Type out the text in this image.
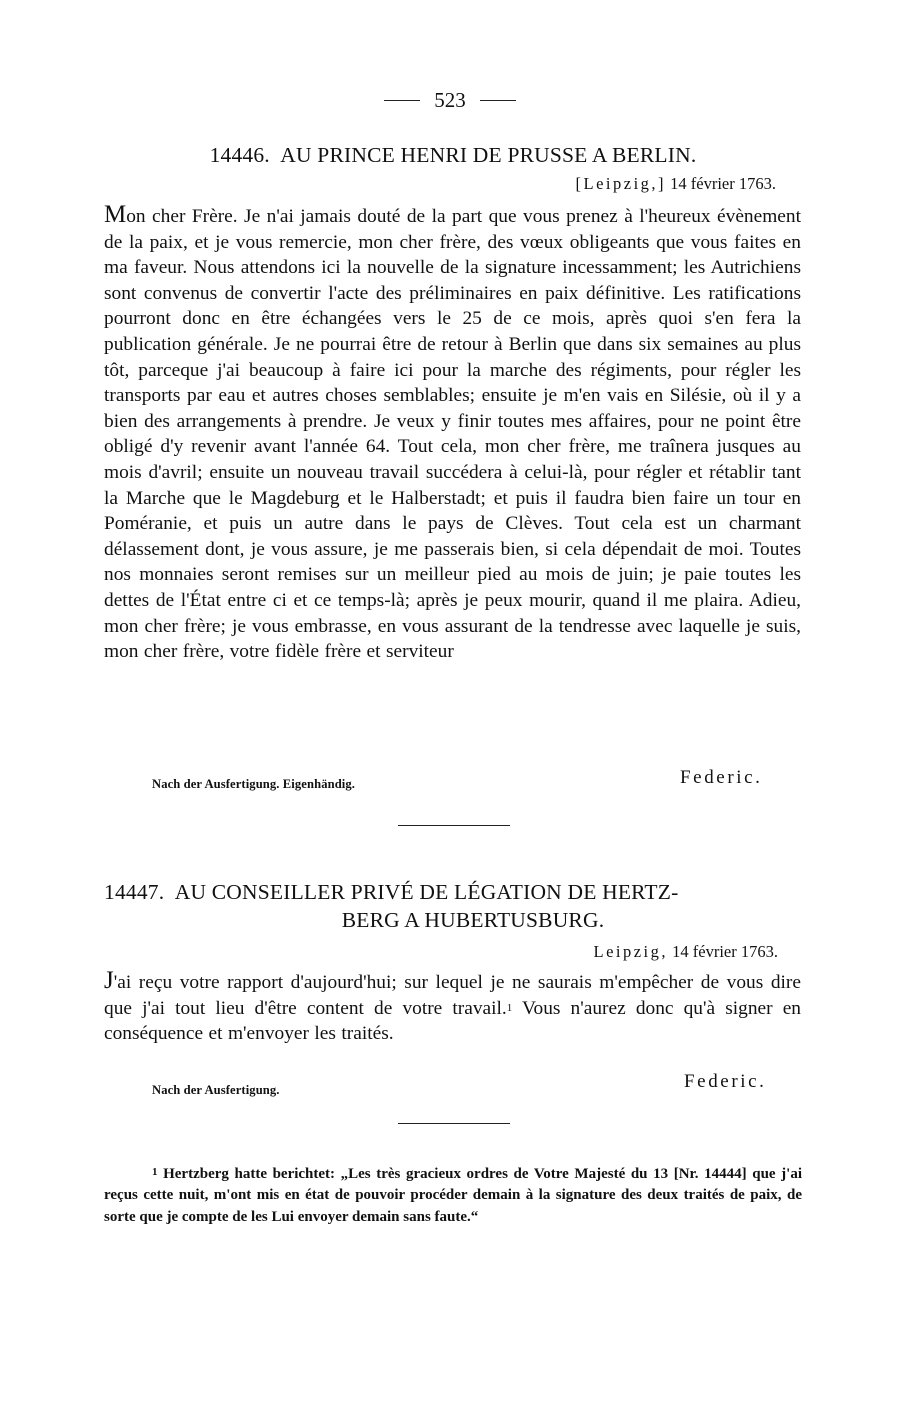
523
14446. AU PRINCE HENRI DE PRUSSE A BERLIN.
[Leipzig,] 14 février 1763.
Mon cher Frère. Je n'ai jamais douté de la part que vous prenez à l'heureux évènement de la paix, et je vous remercie, mon cher frère, des vœux obligeants que vous faites en ma faveur. Nous attendons ici la nouvelle de la signature incessamment; les Autrichiens sont convenus de convertir l'acte des préliminaires en paix définitive. Les ratifications pourront donc en être échangées vers le 25 de ce mois, après quoi s'en fera la publication générale. Je ne pourrai être de retour à Berlin que dans six semaines au plus tôt, parceque j'ai beaucoup à faire ici pour la marche des régiments, pour régler les transports par eau et autres choses semblables; ensuite je m'en vais en Silésie, où il y a bien des arrangements à prendre. Je veux y finir toutes mes affaires, pour ne point être obligé d'y revenir avant l'année 64. Tout cela, mon cher frère, me traînera jusques au mois d'avril; ensuite un nouveau travail succédera à celui-là, pour régler et rétablir tant la Marche que le Magdeburg et le Halberstadt; et puis il faudra bien faire un tour en Poméranie, et puis un autre dans le pays de Clèves. Tout cela est un charmant délassement dont, je vous assure, je me passerais bien, si cela dépendait de moi. Toutes nos monnaies seront remises sur un meilleur pied au mois de juin; je paie toutes les dettes de l'État entre ci et ce temps-là; après je peux mourir, quand il me plaira. Adieu, mon cher frère; je vous embrasse, en vous assurant de la tendresse avec laquelle je suis, mon cher frère, votre fidèle frère et serviteur
Nach der Ausfertigung. Eigenhändig.	Federic.
14447. AU CONSEILLER PRIVÉ DE LÉGATION DE HERTZ-
BERG A HUBERTUSBURG.
Leipzig, 14 février 1763.
J'ai reçu votre rapport d'aujourd'hui; sur lequel je ne saurais m'empêcher de vous dire que j'ai tout lieu d'être content de votre travail.$^1$ Vous n'aurez donc qu'à signer en conséquence et m'envoyer les traités.
Nach der Ausfertigung.	Federic.
$^1$ Hertzberg hatte berichtet: „Les très gracieux ordres de Votre Majesté du 13 [Nr. 14444] que j'ai reçus cette nuit, m'ont mis en état de pouvoir procéder demain à la signature des deux traités de paix, de sorte que je compte de les Lui envoyer demain sans faute.“
